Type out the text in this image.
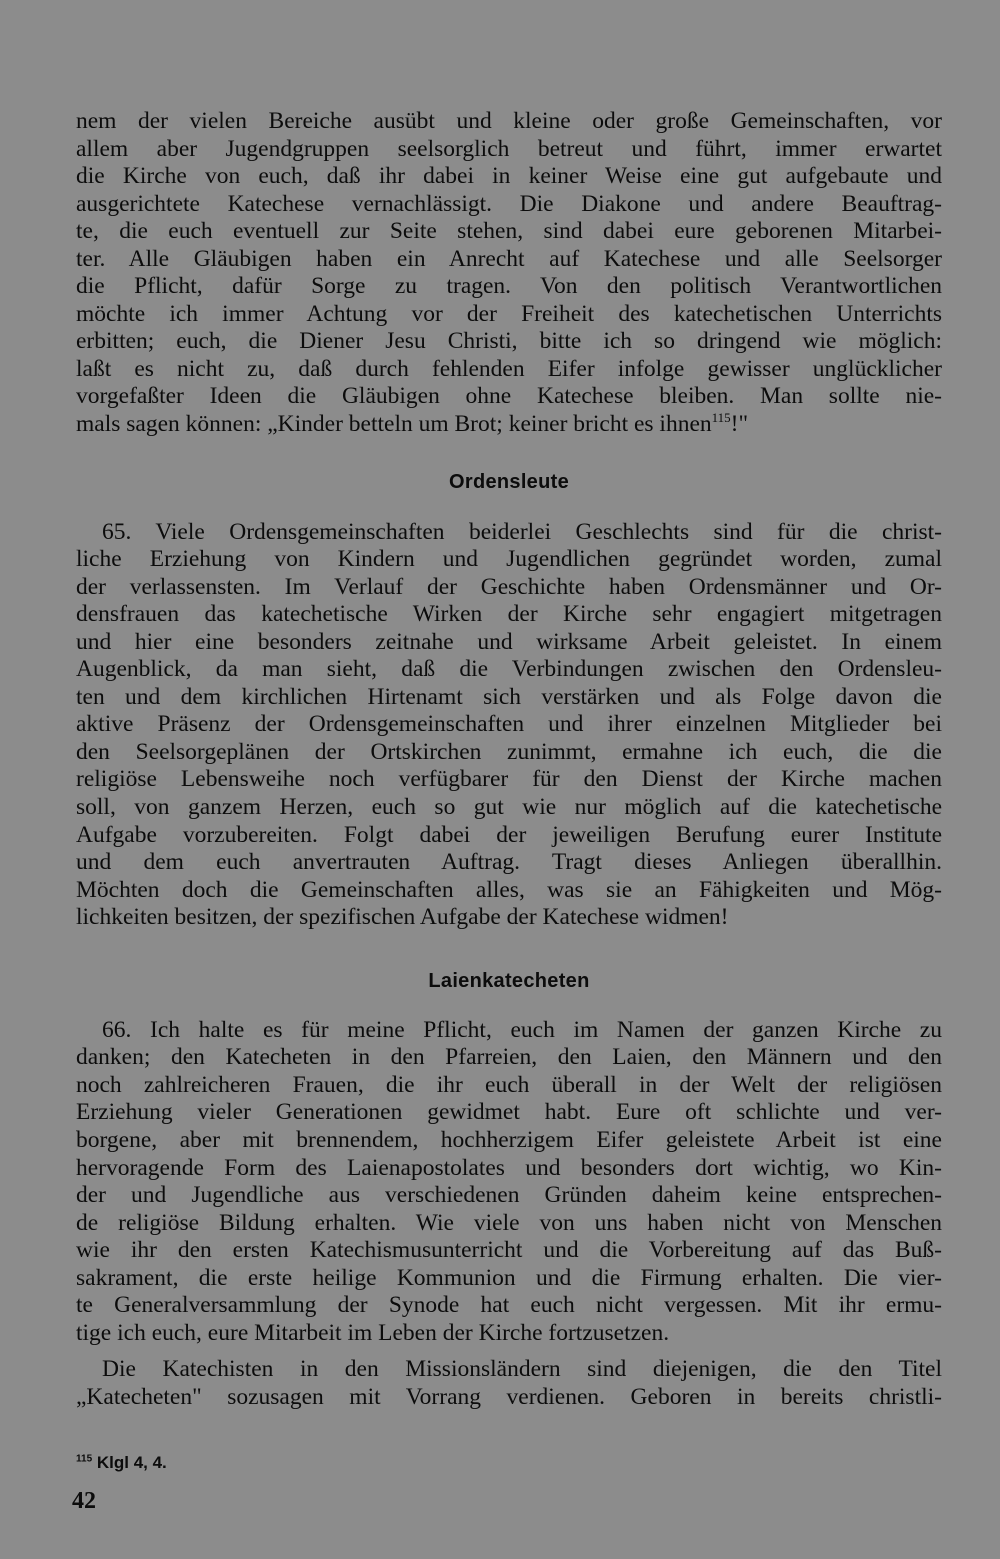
nem der vielen Bereiche ausübt und kleine oder große Gemeinschaften, vor
allem aber Jugendgruppen seelsorglich betreut und führt, immer erwartet
die Kirche von euch, daß ihr dabei in keiner Weise eine gut aufgebaute und
ausgerichtete Katechese vernachlässigt. Die Diakone und andere Beauftrag-
te, die euch eventuell zur Seite stehen, sind dabei eure geborenen Mitarbei-
ter. Alle Gläubigen haben ein Anrecht auf Katechese und alle Seelsorger
die Pflicht, dafür Sorge zu tragen. Von den politisch Verantwortlichen
möchte ich immer Achtung vor der Freiheit des katechetischen Unterrichts
erbitten; euch, die Diener Jesu Christi, bitte ich so dringend wie möglich:
laßt es nicht zu, daß durch fehlenden Eifer infolge gewisser unglücklicher
vorgefaßter Ideen die Gläubigen ohne Katechese bleiben. Man sollte nie-
mals sagen können: „Kinder betteln um Brot; keiner bricht es ihnen$^{115}$!"
Ordensleute
65. Viele Ordensgemeinschaften beiderlei Geschlechts sind für die christ-
liche Erziehung von Kindern und Jugendlichen gegründet worden, zumal
der verlassensten. Im Verlauf der Geschichte haben Ordensmänner und Or-
densfrauen das katechetische Wirken der Kirche sehr engagiert mitgetragen
und hier eine besonders zeitnahe und wirksame Arbeit geleistet. In einem
Augenblick, da man sieht, daß die Verbindungen zwischen den Ordensleu-
ten und dem kirchlichen Hirtenamt sich verstärken und als Folge davon die
aktive Präsenz der Ordensgemeinschaften und ihrer einzelnen Mitglieder bei
den Seelsorgeplänen der Ortskirchen zunimmt, ermahne ich euch, die die
religiöse Lebensweihe noch verfügbarer für den Dienst der Kirche machen
soll, von ganzem Herzen, euch so gut wie nur möglich auf die katechetische
Aufgabe vorzubereiten. Folgt dabei der jeweiligen Berufung eurer Institute
und dem euch anvertrauten Auftrag. Tragt dieses Anliegen überallhin.
Möchten doch die Gemeinschaften alles, was sie an Fähigkeiten und Mög-
lichkeiten besitzen, der spezifischen Aufgabe der Katechese widmen!
Laienkatecheten
66. Ich halte es für meine Pflicht, euch im Namen der ganzen Kirche zu
danken; den Katecheten in den Pfarreien, den Laien, den Männern und den
noch zahlreicheren Frauen, die ihr euch überall in der Welt der religiösen
Erziehung vieler Generationen gewidmet habt. Eure oft schlichte und ver-
borgene, aber mit brennendem, hochherzigem Eifer geleistete Arbeit ist eine
hervoragende Form des Laienapostolates und besonders dort wichtig, wo Kin-
der und Jugendliche aus verschiedenen Gründen daheim keine entsprechen-
de religiöse Bildung erhalten. Wie viele von uns haben nicht von Menschen
wie ihr den ersten Katechismusunterricht und die Vorbereitung auf das Buß-
sakrament, die erste heilige Kommunion und die Firmung erhalten. Die vier-
te Generalversammlung der Synode hat euch nicht vergessen. Mit ihr ermu-
tige ich euch, eure Mitarbeit im Leben der Kirche fortzusetzen.
Die Katechisten in den Missionsländern sind diejenigen, die den Titel
„Katecheten" sozusagen mit Vorrang verdienen. Geboren in bereits christli-
$^{115}$ Klgl 4, 4.
42
